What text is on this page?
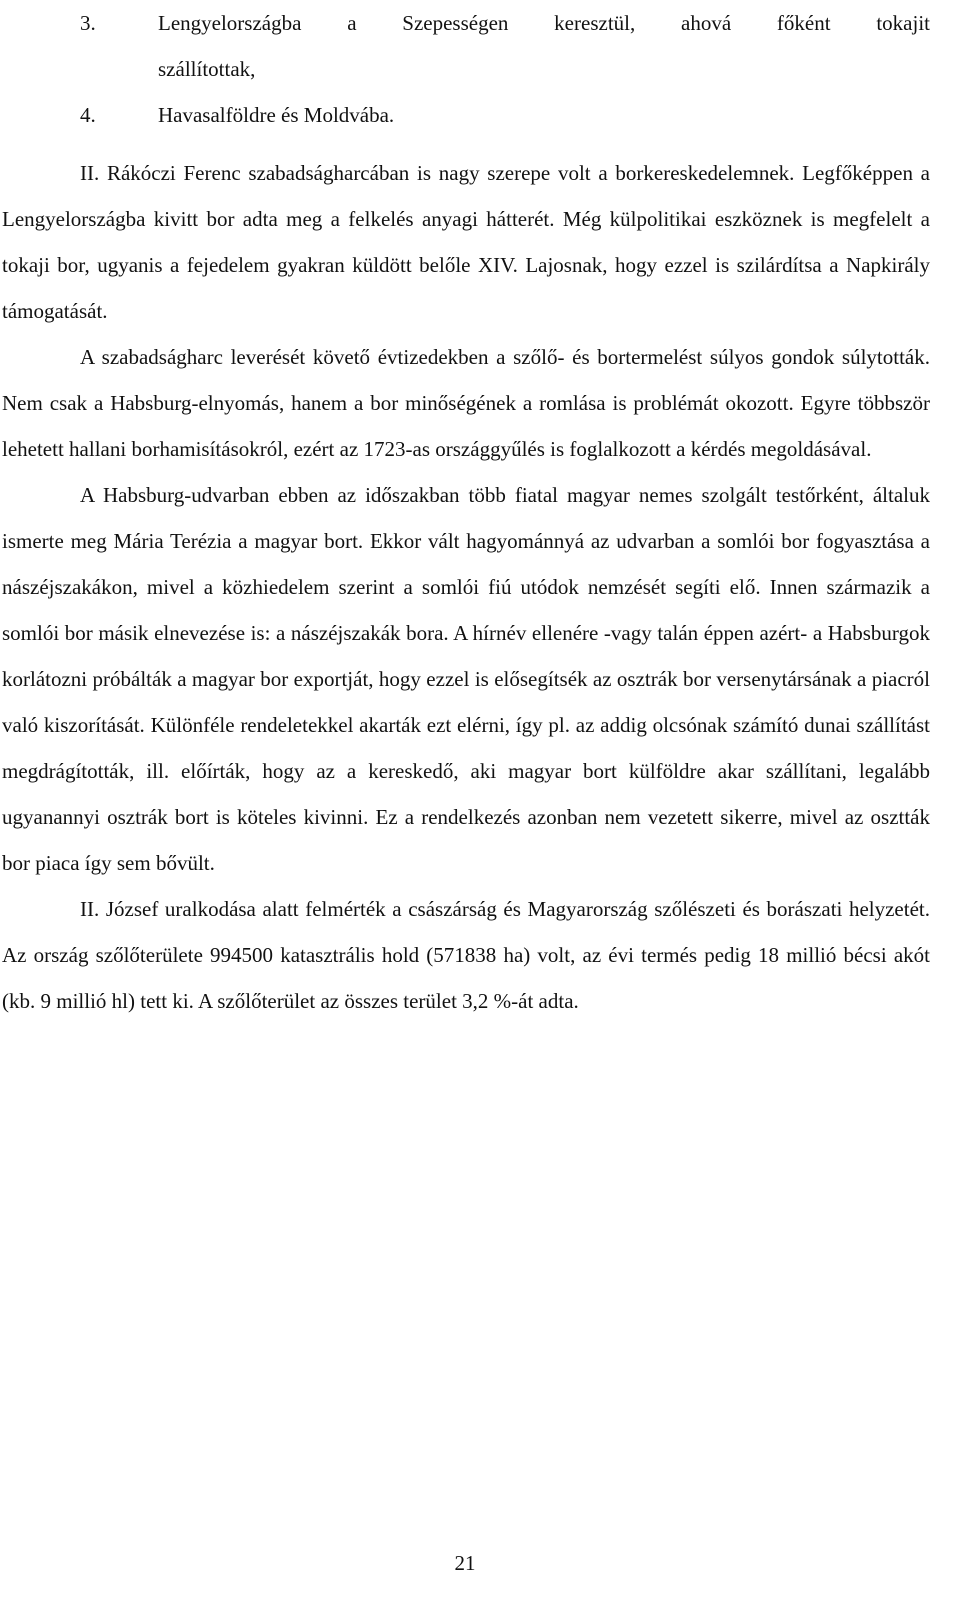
3.	Lengyelországba a Szepességen keresztül, ahová főként tokajit
szállítottak,
4.	Havasalföldre és Moldvába.

II. Rákóczi Ferenc szabadságharcában is nagy szerepe volt a borkereskedelemnek. Legfőképpen a Lengyelországba kivitt bor adta meg a felkelés anyagi hátterét. Még külpolitikai eszköznek is megfelelt a tokaji bor, ugyanis a fejedelem gyakran küldött belőle XIV. Lajosnak, hogy ezzel is szilárdítsa a Napkirály támogatását.

A szabadságharc leverését követő évtizedekben a szőlő- és bortermelést súlyos gondok súlytották. Nem csak a Habsburg-elnyomás, hanem a bor minőségének a romlása is problémát okozott. Egyre többször lehetett hallani borhamisításokról, ezért az 1723-as országgyűlés is foglalkozott a kérdés megoldásával.

A Habsburg-udvarban ebben az időszakban több fiatal magyar nemes szolgált testőrként, általuk ismerte meg Mária Terézia a magyar bort. Ekkor vált hagyománnyá az udvarban a somlói bor fogyasztása a nászéjszakákon, mivel a közhiedelem szerint a somlói fiú utódok nemzését segíti elő. Innen származik a somlói bor másik elnevezése is: a nászéjszakák bora. A hírnév ellenére -vagy talán éppen azért- a Habsburgok korlátozni próbálták a magyar bor exportját, hogy ezzel is elősegítsék az osztrák bor versenytársának a piacról való kiszorítását. Különféle rendeletekkel akarták ezt elérni, így pl. az addig olcsónak számító dunai szállítást megdrágították, ill. előírták, hogy az a kereskedő, aki magyar bort külföldre akar szállítani, legalább ugyanannyi osztrák bort is köteles kivinni. Ez a rendelkezés azonban nem vezetett sikerre, mivel az osztták bor piaca így sem bővült.

II. József uralkodása alatt felmérték a császárság és Magyarország szőlészeti és borászati helyzetét. Az ország szőlőterülete 994500 katasztrális hold (571838 ha) volt, az évi termés pedig 18 millió bécsi akót (kb. 9 millió hl) tett ki. A szőlőterület az összes terület 3,2 %-át adta.

21
